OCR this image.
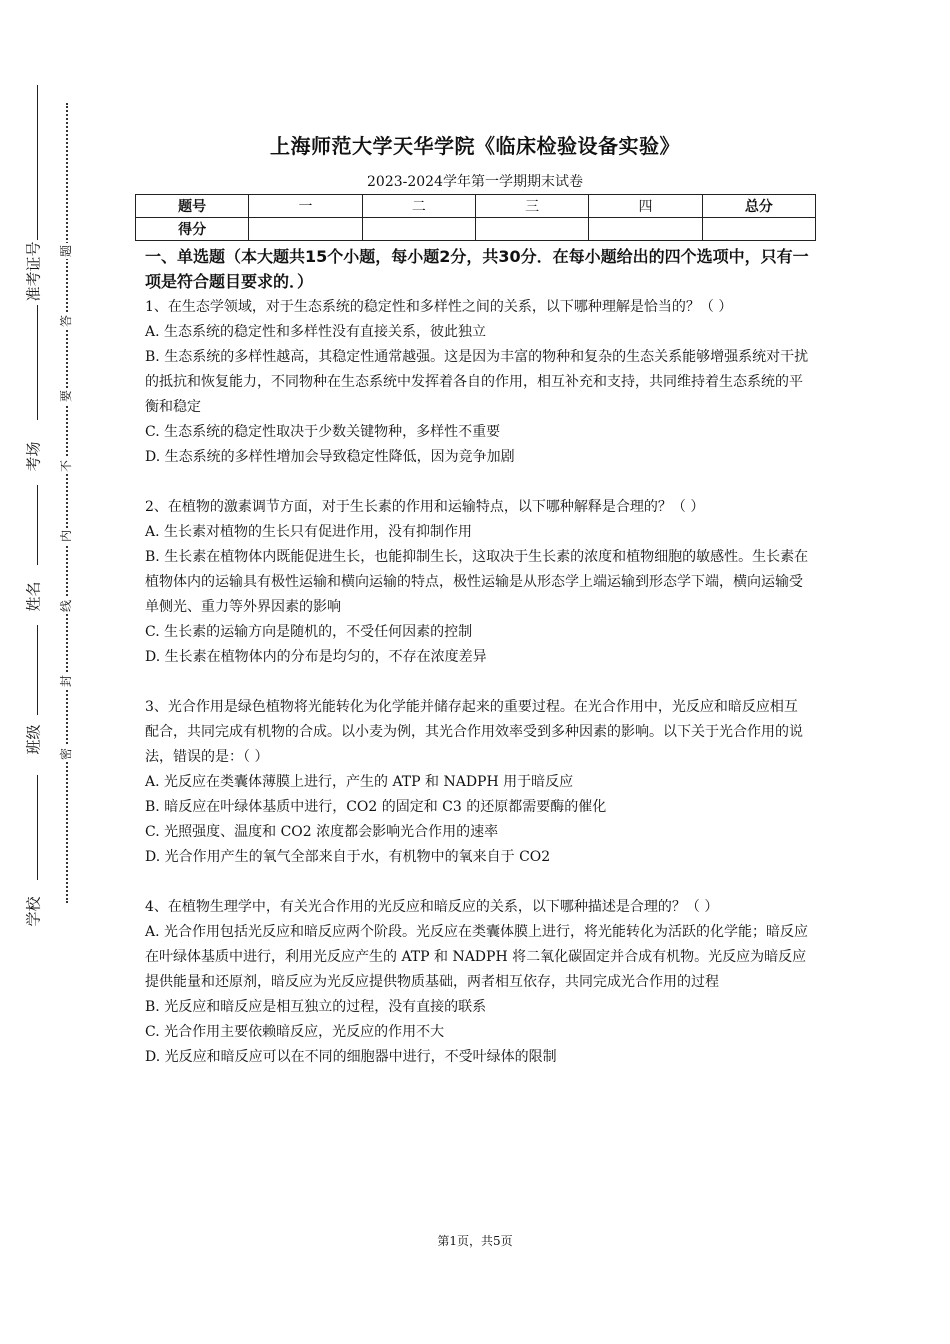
准考证号
考场
姓名
班级
学校
题
答
要
不
内
线
封
密
上海师范大学天华学院《临床检验设备实验》
2023-2024学年第一学期期末试卷
题号	一	二	三	四	总分
得分					
一、单选题（本大题共15个小题，每小题2分，共30分．在每小题给出的四个选项中，只有一项是符合题目要求的．）

1、在生态学领域，对于生态系统的稳定性和多样性之间的关系，以下哪种理解是恰当的？（ ）

A. 生态系统的稳定性和多样性没有直接关系，彼此独立

B. 生态系统的多样性越高，其稳定性通常越强。这是因为丰富的物种和复杂的生态关系能够增强系统对干扰的抵抗和恢复能力，不同物种在生态系统中发挥着各自的作用，相互补充和支持，共同维持着生态系统的平衡和稳定

C. 生态系统的稳定性取决于少数关键物种，多样性不重要

D. 生态系统的多样性增加会导致稳定性降低，因为竞争加剧

2、在植物的激素调节方面，对于生长素的作用和运输特点，以下哪种解释是合理的？（ ）

A. 生长素对植物的生长只有促进作用，没有抑制作用

B. 生长素在植物体内既能促进生长，也能抑制生长，这取决于生长素的浓度和植物细胞的敏感性。生长素在植物体内的运输具有极性运输和横向运输的特点，极性运输是从形态学上端运输到形态学下端，横向运输受单侧光、重力等外界因素的影响

C. 生长素的运输方向是随机的，不受任何因素的控制

D. 生长素在植物体内的分布是均匀的，不存在浓度差异

3、光合作用是绿色植物将光能转化为化学能并储存起来的重要过程。在光合作用中，光反应和暗反应相互配合，共同完成有机物的合成。以小麦为例，其光合作用效率受到多种因素的影响。以下关于光合作用的说法，错误的是：（ ）

A. 光反应在类囊体薄膜上进行，产生的 ATP 和 NADPH 用于暗反应

B. 暗反应在叶绿体基质中进行，CO2 的固定和 C3 的还原都需要酶的催化

C. 光照强度、温度和 CO2 浓度都会影响光合作用的速率

D. 光合作用产生的氧气全部来自于水，有机物中的氧来自于 CO2

4、在植物生理学中，有关光合作用的光反应和暗反应的关系，以下哪种描述是合理的？（ ）

A. 光合作用包括光反应和暗反应两个阶段。光反应在类囊体膜上进行，将光能转化为活跃的化学能；暗反应在叶绿体基质中进行，利用光反应产生的 ATP 和 NADPH 将二氧化碳固定并合成有机物。光反应为暗反应提供能量和还原剂，暗反应为光反应提供物质基础，两者相互依存，共同完成光合作用的过程

B. 光反应和暗反应是相互独立的过程，没有直接的联系

C. 光合作用主要依赖暗反应，光反应的作用不大

D. 光反应和暗反应可以在不同的细胞器中进行，不受叶绿体的限制

第1页，共5页
